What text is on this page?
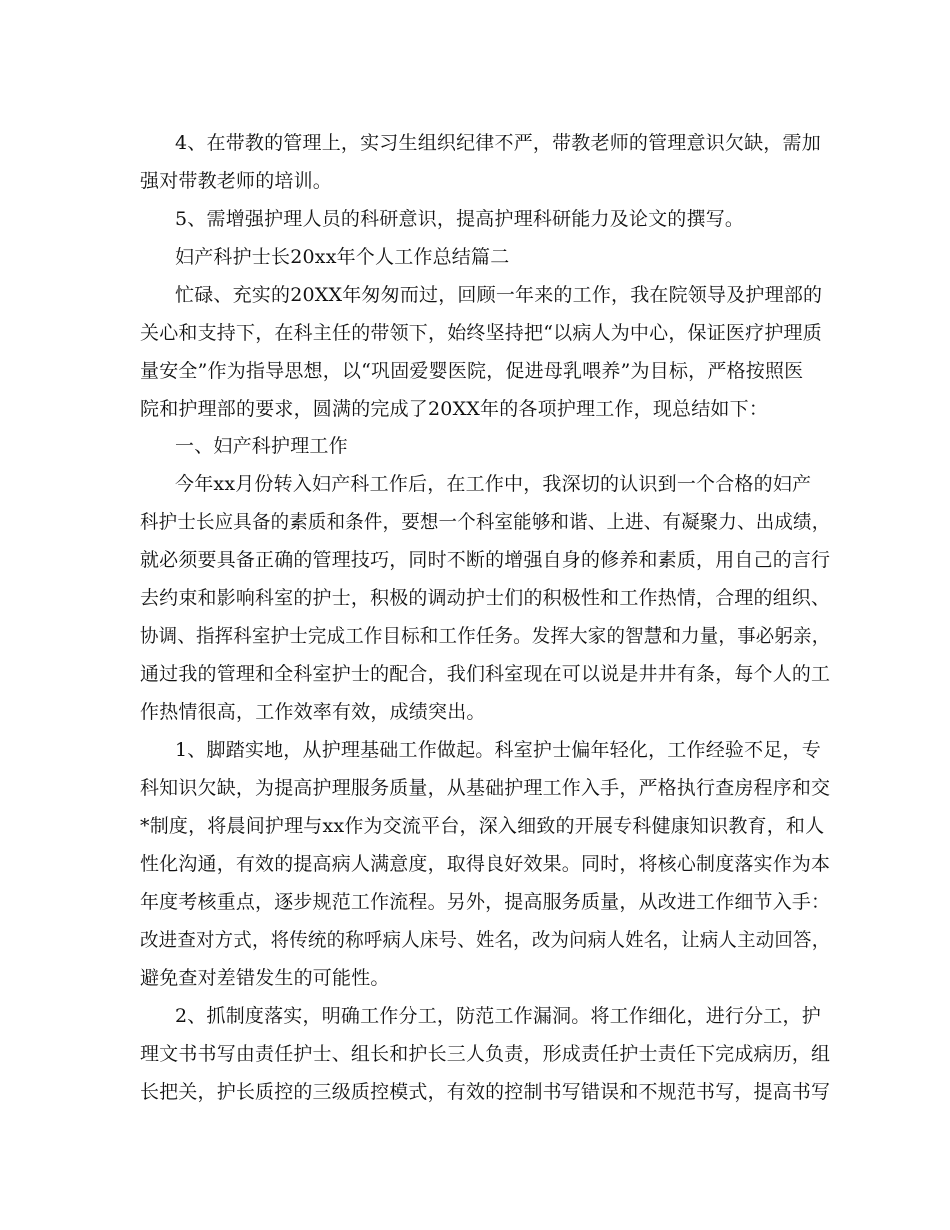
4、在带教的管理上，实习生组织纪律不严，带教老师的管理意识欠缺，需加
强对带教老师的培训。
5、需增强护理人员的科研意识，提高护理科研能力及论文的撰写。
妇产科护士长20xx年个人工作总结篇二
忙碌、充实的20XX年匆匆而过，回顾一年来的工作，我在院领导及护理部的
关心和支持下，在科主任的带领下，始终坚持把“以病人为中心，保证医疗护理质
量安全”作为指导思想，以“巩固爱婴医院，促进母乳喂养”为目标，严格按照医
院和护理部的要求，圆满的完成了20XX年的各项护理工作，现总结如下：
一、妇产科护理工作
今年xx月份转入妇产科工作后，在工作中，我深切的认识到一个合格的妇产
科护士长应具备的素质和条件，要想一个科室能够和谐、上进、有凝聚力、出成绩，
就必须要具备正确的管理技巧，同时不断的增强自身的修养和素质，用自己的言行
去约束和影响科室的护士，积极的调动护士们的积极性和工作热情，合理的组织、
协调、指挥科室护士完成工作目标和工作任务。发挥大家的智慧和力量，事必躬亲，
通过我的管理和全科室护士的配合，我们科室现在可以说是井井有条，每个人的工
作热情很高，工作效率有效，成绩突出。
1、脚踏实地，从护理基础工作做起。科室护士偏年轻化，工作经验不足，专
科知识欠缺，为提高护理服务质量，从基础护理工作入手，严格执行查房程序和交
*制度，将晨间护理与xx作为交流平台，深入细致的开展专科健康知识教育，和人
性化沟通，有效的提高病人满意度，取得良好效果。同时，将核心制度落实作为本
年度考核重点，逐步规范工作流程。另外，提高服务质量，从改进工作细节入手：
改进查对方式，将传统的称呼病人床号、姓名，改为问病人姓名，让病人主动回答，
避免查对差错发生的可能性。
2、抓制度落实，明确工作分工，防范工作漏洞。将工作细化，进行分工，护
理文书书写由责任护士、组长和护长三人负责，形成责任护士责任下完成病历，组
长把关，护长质控的三级质控模式，有效的控制书写错误和不规范书写，提高书写
